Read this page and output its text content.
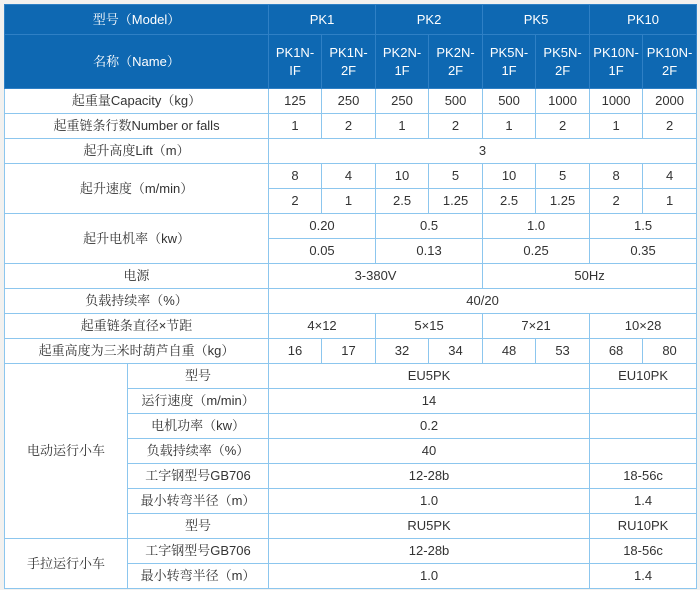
型号（Model）		PK1		PK2		PK5		PK10	
名称（Name）		PK1N-IF	PK1N-2F	PK2N-1F	PK2N-2F	PK5N-1F	PK5N-2F	PK10N-1F	PK10N-2F
起重量Capacity（kg）		125	250	250	500	500	1000	1000	2000
起重链条行数Number or falls		1	2	1	2	1	2	1	2
起升高度Lift（m）		3							
起升速度（m/min）		8	4	10	5	10	5	8	4
		2	1	2.5	1.25	2.5	1.25	2	1
起升电机率（kw）		0.20		0.5		1.0		1.5	
		0.05		0.13		0.25		0.35	
电源		3-380V				50Hz			
负载持续率（%）		40/20							
起重链条直径×节距		4×12		5×15		7×21		10×28	
起重高度为三米时葫芦自重（kg）		16	17	32	34	48	53	68	80
电动运行小车	型号	EU5PK						EU10PK	
	运行速度（m/min）	14							
	电机功率（kw）	0.2							
	负载持续率（%）	40							
	工字钢型号GB706	12-28b						18-56c	
	最小转弯半径（m）	1.0						1.4	
	型号	RU5PK						RU10PK	
手拉运行小车	工字钢型号GB706	12-28b						18-56c	
	最小转弯半径（m）	1.0						1.4	
